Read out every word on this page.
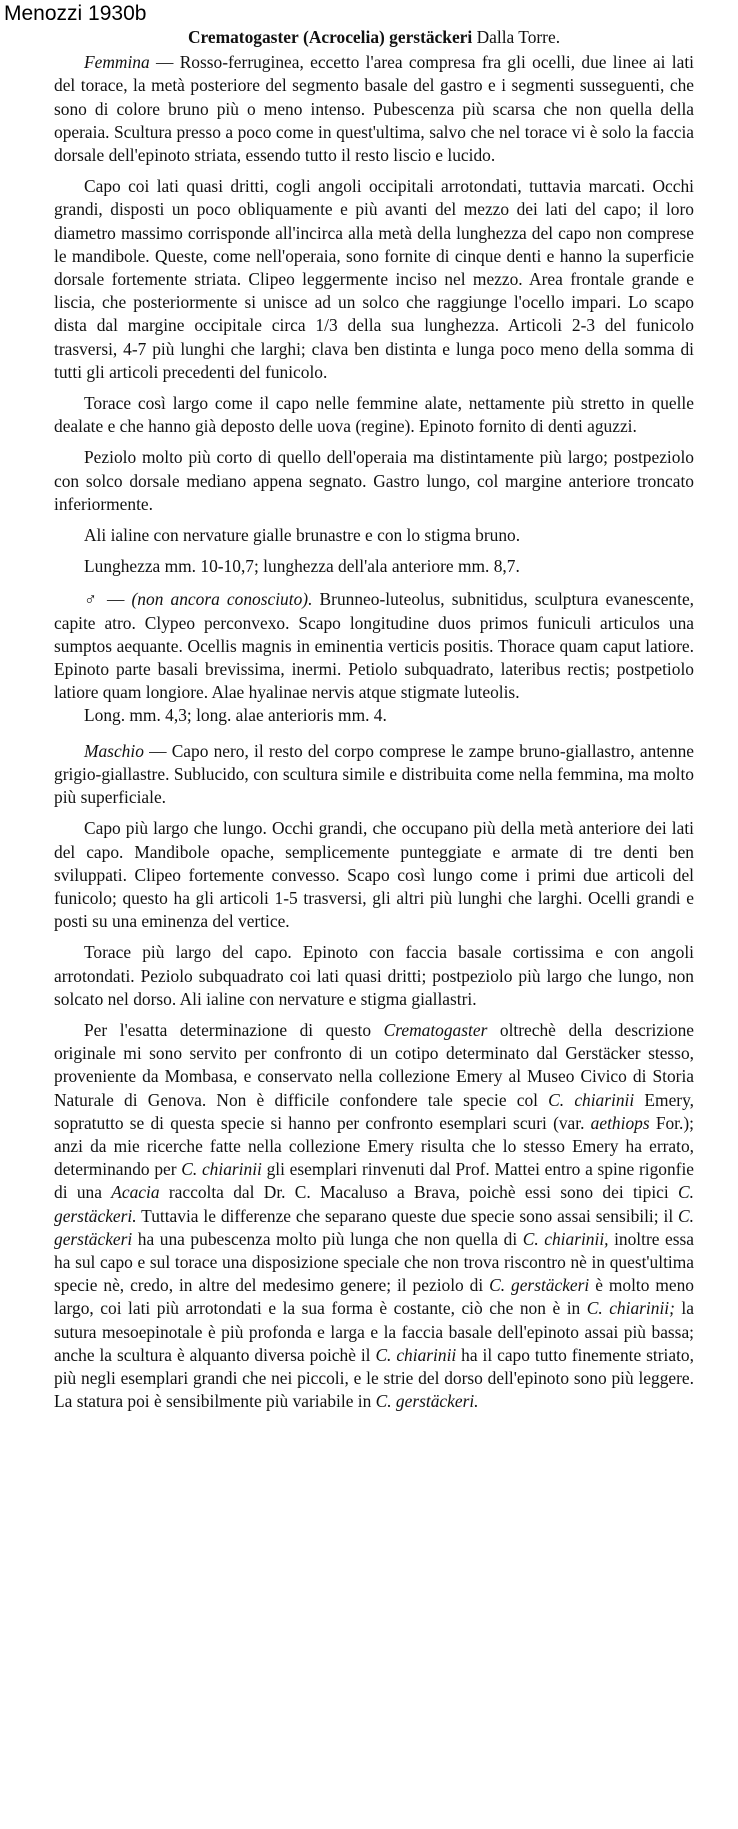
Menozzi 1930b
Crematogaster (Acrocelia) gerstäckeri Dalla Torre.

Femmina — Rosso-ferruginea, eccetto l'area compresa fra gli ocelli, due linee ai lati del torace, la metà posteriore del segmento basale del gastro e i segmenti susseguenti, che sono di colore bruno più o meno intenso. Pubescenza più scarsa che non quella della operaia. Scultura presso a poco come in quest'ultima, salvo che nel torace vi è solo la faccia dorsale dell'epinoto striata, essendo tutto il resto liscio e lucido.

Capo coi lati quasi dritti, cogli angoli occipitali arrotondati, tuttavia marcati. Occhi grandi, disposti un poco obliquamente e più avanti del mezzo dei lati del capo; il loro diametro massimo corrisponde all'incirca alla metà della lunghezza del capo non comprese le mandibole. Queste, come nell'operaia, sono fornite di cinque denti e hanno la superficie dorsale fortemente striata. Clipeo leggermente inciso nel mezzo. Area frontale grande e liscia, che posteriormente si unisce ad un solco che raggiunge l'ocello impari. Lo scapo dista dal margine occipitale circa 1/3 della sua lunghezza. Articoli 2-3 del funicolo trasversi, 4-7 più lunghi che larghi; clava ben distinta e lunga poco meno della somma di tutti gli articoli precedenti del funicolo.

Torace così largo come il capo nelle femmine alate, nettamente più stretto in quelle dealate e che hanno già deposto delle uova (regine). Epinoto fornito di denti aguzzi.

Peziolo molto più corto di quello dell'operaia ma distintamente più largo; postpeziolo con solco dorsale mediano appena segnato. Gastro lungo, col margine anteriore troncato inferiormente.

Ali ialine con nervature gialle brunastre e con lo stigma bruno.

Lunghezza mm. 10-10,7; lunghezza dell'ala anteriore mm. 8,7.

♂ — (non ancora conosciuto). Brunneo-luteolus, subnitidus, sculptura evanescente, capite atro. Clypeo perconvexo. Scapo longitudine duos primos funiculi articulos una sumptos aequante. Ocellis magnis in eminentia verticis positis. Thorace quam caput latiore. Epinoto parte basali brevissima, inermi. Petiolo subquadrato, lateribus rectis; postpetiolo latiore quam longiore. Alae hyalinae nervis atque stigmate luteolis.

Long. mm. 4,3; long. alae anterioris mm. 4.

Maschio — Capo nero, il resto del corpo comprese le zampe bruno-giallastro, antenne grigio-giallastre. Sublucido, con scultura simile e distribuita come nella femmina, ma molto più superficiale.

Capo più largo che lungo. Occhi grandi, che occupano più della metà anteriore dei lati del capo. Mandibole opache, semplicemente punteggiate e armate di tre denti ben sviluppati. Clipeo fortemente convesso. Scapo così lungo come i primi due articoli del funicolo; questo ha gli articoli 1-5 trasversi, gli altri più lunghi che larghi. Ocelli grandi e posti su una eminenza del vertice.

Torace più largo del capo. Epinoto con faccia basale cortissima e con angoli arrotondati. Peziolo subquadrato coi lati quasi dritti; postpeziolo più largo che lungo, non solcato nel dorso. Ali ialine con nervature e stigma giallastri.

Per l'esatta determinazione di questo Crematogaster oltrechè della descrizione originale mi sono servito per confronto di un cotipo determinato dal Gerstäcker stesso, proveniente da Mombasa, e conservato nella collezione Emery al Museo Civico di Storia Naturale di Genova. Non è difficile confondere tale specie col C. chiarinii Emery, sopratutto se di questa specie si hanno per confronto esemplari scuri (var. aethiops For.); anzi da mie ricerche fatte nella collezione Emery risulta che lo stesso Emery ha errato, determinando per C. chiarinii gli esemplari rinvenuti dal Prof. Mattei entro a spine rigonfie di una Acacia raccolta dal Dr. C. Macaluso a Brava, poichè essi sono dei tipici C. gerstäckeri. Tuttavia le differenze che separano queste due specie sono assai sensibili; il C. gerstäckeri ha una pubescenza molto più lunga che non quella di C. chiarinii, inoltre essa ha sul capo e sul torace una disposizione speciale che non trova riscontro nè in quest'ultima specie nè, credo, in altre del medesimo genere; il peziolo di C. gerstäckeri è molto meno largo, coi lati più arrotondati e la sua forma è costante, ciò che non è in C. chiarinii; la sutura mesoepinotale è più profonda e larga e la faccia basale dell'epinoto assai più bassa; anche la scultura è alquanto diversa poichè il C. chiarinii ha il capo tutto finemente striato, più negli esemplari grandi che nei piccoli, e le strie del dorso dell'epinoto sono più leggere. La statura poi è sensibilmente più variabile in C. gerstäckeri.
